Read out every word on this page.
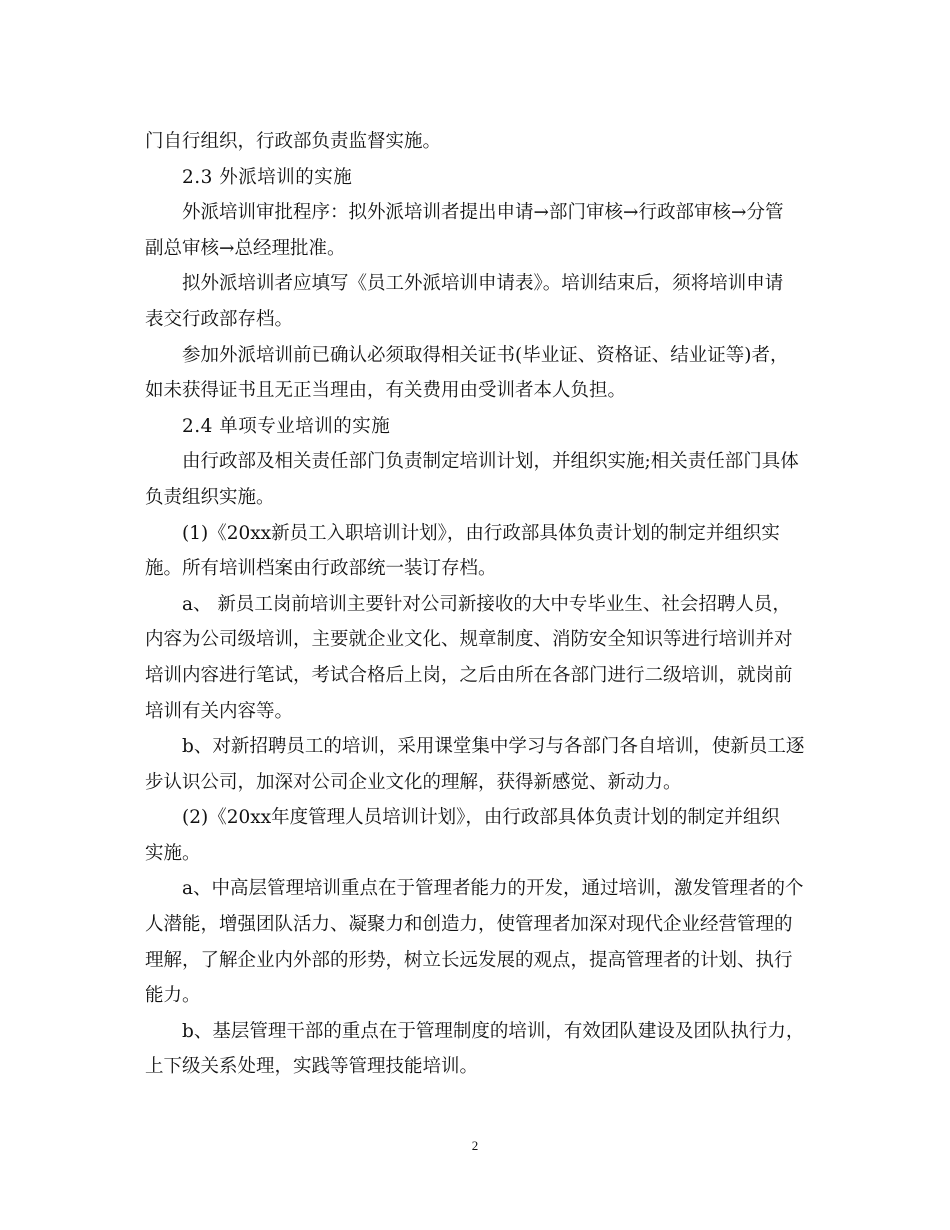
门自行组织，行政部负责监督实施。
2.3 外派培训的实施
外派培训审批程序：拟外派培训者提出申请→部门审核→行政部审核→分管
副总审核→总经理批准。
拟外派培训者应填写《员工外派培训申请表》。培训结束后，须将培训申请
表交行政部存档。
参加外派培训前已确认必须取得相关证书(毕业证、资格证、结业证等)者，
如未获得证书且无正当理由，有关费用由受训者本人负担。
2.4 单项专业培训的实施
由行政部及相关责任部门负责制定培训计划，并组织实施;相关责任部门具体
负责组织实施。
(1)《20xx新员工入职培训计划》，由行政部具体负责计划的制定并组织实
施。所有培训档案由行政部统一装订存档。
a、 新员工岗前培训主要针对公司新接收的大中专毕业生、社会招聘人员，
内容为公司级培训，主要就企业文化、规章制度、消防安全知识等进行培训并对
培训内容进行笔试，考试合格后上岗，之后由所在各部门进行二级培训，就岗前
培训有关内容等。
b、对新招聘员工的培训，采用课堂集中学习与各部门各自培训，使新员工逐
步认识公司，加深对公司企业文化的理解，获得新感觉、新动力。
(2)《20xx年度管理人员培训计划》，由行政部具体负责计划的制定并组织
实施。
a、中高层管理培训重点在于管理者能力的开发，通过培训，激发管理者的个
人潜能，增强团队活力、凝聚力和创造力，使管理者加深对现代企业经营管理的
理解，了解企业内外部的形势，树立长远发展的观点，提高管理者的计划、执行
能力。
b、基层管理干部的重点在于管理制度的培训，有效团队建设及团队执行力，
上下级关系处理，实践等管理技能培训。
2
